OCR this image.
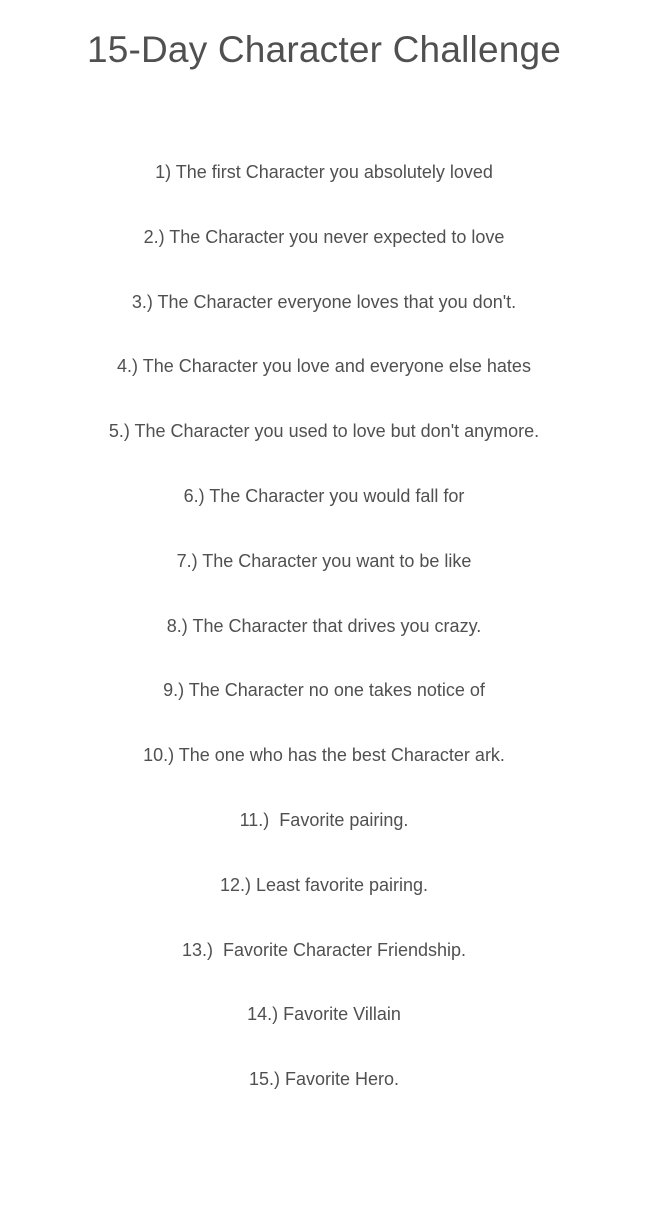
15-Day Character Challenge
1) The first Character you absolutely loved
2.) The Character you never expected to love
3.) The Character everyone loves that you don't.
4.) The Character you love and everyone else hates
5.) The Character you used to love but don't anymore.
6.) The Character you would fall for
7.) The Character you want to be like
8.) The Character that drives you crazy.
9.) The Character no one takes notice of
10.) The one who has the best Character ark.
11.)  Favorite pairing.
12.) Least favorite pairing.
13.)  Favorite Character Friendship.
14.) Favorite Villain
15.) Favorite Hero.
